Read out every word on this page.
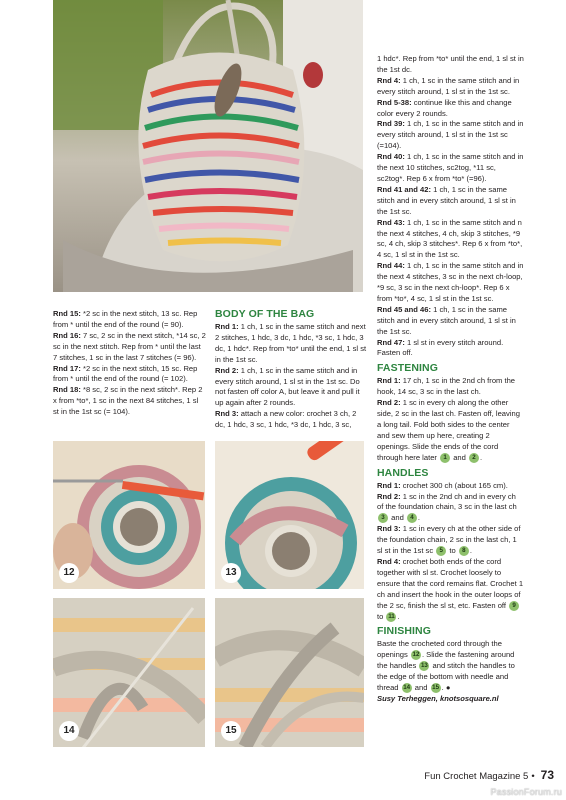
Rnd 15: *2 sc in the next stitch, 13 sc. Rep from * until the end of the round (= 90).

Rnd 16: 7 sc, 2 sc in the next stitch, *14 sc, 2 sc in the next stitch. Rep from * until the last 7 stitches, 1 sc in the last 7 stitches (= 96).

Rnd 17: *2 sc in the next stitch, 15 sc. Rep from * until the end of the round (= 102).

Rnd 18: *8 sc, 2 sc in the next stitch*. Rep 2 x from *to*, 1 sc in the next 84 stitches, 1 sl st in the 1st sc (= 104).

BODY OF THE BAG

Rnd 1: 1 ch, 1 sc in the same stitch and next 2 stitches, 1 hdc, 3 dc, 1 hdc, *3 sc, 1 hdc, 3 dc, 1 hdc*. Rep from *to* until the end, 1 sl st in the 1st sc.

Rnd 2: 1 ch, 1 sc in the same stitch and in every stitch around, 1 sl st in the 1st sc. Do not fasten off color A, but leave it and pull it up again after 2 rounds.

Rnd 3: attach a new color: crochet 3 ch, 2 dc, 1 hdc, 3 sc, 1 hdc, *3 dc, 1 hdc, 3 sc,

12	13
14	15

1 hdc*. Rep from *to* until the end, 1 sl st in the 1st dc.

Rnd 4: 1 ch, 1 sc in the same stitch and in every stitch around, 1 sl st in the 1st sc.

Rnd 5-38: continue like this and change color every 2 rounds.

Rnd 39: 1 ch, 1 sc in the same stitch and in every stitch around, 1 sl st in the 1st sc (=104).

Rnd 40: 1 ch, 1 sc in the same stitch and in the next 10 stitches, sc2tog, *11 sc, sc2tog*. Rep 6 x from *to* (=96).

Rnd 41 and 42: 1 ch, 1 sc in the same stitch and in every stitch around, 1 sl st in the 1st sc.

Rnd 43: 1 ch, 1 sc in the same stitch and n the next 4 stitches, 4 ch, skip 3 stitches, *9 sc, 4 ch, skip 3 stitches*. Rep 6 x from *to*, 4 sc, 1 sl st in the 1st sc.

Rnd 44: 1 ch, 1 sc in the same stitch and in the next 4 stitches, 3 sc in the next ch-loop, *9 sc, 3 sc in the next ch-loop*. Rep 6 x from *to*, 4 sc, 1 sl st in the 1st sc.

Rnd 45 and 46: 1 ch, 1 sc in the same stitch and in every stitch around, 1 sl st in the 1st sc.

Rnd 47: 1 sl st in every stitch around. Fasten off.

FASTENING

Rnd 1: 17 ch, 1 sc in the 2nd ch from the hook, 14 sc, 3 sc in the last ch.

Rnd 2: 1 sc in every ch along the other side, 2 sc in the last ch. Fasten off, leaving a long tail. Fold both sides to the center and sew them up here, creating 2 openings. Slide the ends of the cord through here later 1 and 2 .

HANDLES

Rnd 1: crochet 300 ch (about 165 cm).

Rnd 2: 1 sc in the 2nd ch and in every ch of the foundation chain, 3 sc in the last ch 3 and 4 .

Rnd 3: 1 sc in every ch at the other side of the foundation chain, 2 sc in the last ch, 1 sl st in the 1st sc 5 to 8 .

Rnd 4: crochet both ends of the cord together with sl st. Crochet loosely to ensure that the cord remains flat. Crochet 1 ch and insert the hook in the outer loops of the 2 sc, finish the sl st, etc. Fasten off 9 to 11 .

FINISHING

Baste the crocheted cord through the openings 12 . Slide the fastening around the handles 13 and stitch the handles to the edge of the bottom with needle and thread 14 and 15 . ●

Susy Terheggen, knotsosquare.nl

Fun Crochet Magazine 5 • 73
PassionForum.ru
